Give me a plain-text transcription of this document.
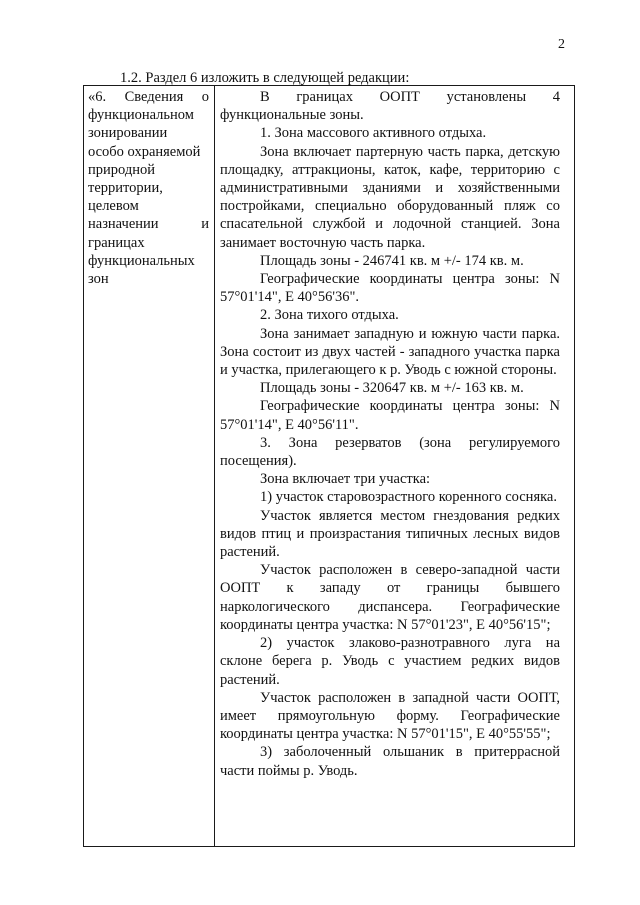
2
1.2. Раздел 6 изложить в следующей редакции:
«6. Сведения о
функциональном
зонировании
особо охраняемой
природной
территории,
целевом
назначении и
границах
функциональных
зон

В границах ООПТ установлены 4 функциональные зоны.

1. Зона массового активного отдыха.

Зона включает партерную часть парка, детскую площадку, аттракционы, каток, кафе, территорию с административными зданиями и хозяйственными постройками, специально оборудованный пляж со спасательной службой и лодочной станцией. Зона занимает восточную часть парка.

Площадь зоны - 246741 кв. м +/- 174 кв. м.

Географические координаты центра зоны: N 57°01'14", E 40°56'36".

2. Зона тихого отдыха.

Зона занимает западную и южную части парка. Зона состоит из двух частей - западного участка парка и участка, прилегающего к р. Уводь с южной стороны.

Площадь зоны - 320647 кв. м +/- 163 кв. м.

Географические координаты центра зоны: N 57°01'14", E 40°56'11".

3. Зона резерватов (зона регулируемого посещения).

Зона включает три участка:

1) участок старовозрастного коренного сосняка.

Участок является местом гнездования редких видов птиц и произрастания типичных лесных видов растений.

Участок расположен в северо-западной части ООПТ к западу от границы бывшего наркологического диспансера. Географические координаты центра участка: N 57°01'23", E 40°56'15";

2) участок злаково-разнотравного луга на склоне берега р. Уводь с участием редких видов растений.

Участок расположен в западной части ООПТ, имеет прямоугольную форму. Географические координаты центра участка: N 57°01'15", E 40°55'55";

3) заболоченный ольшаник в притеррасной части поймы р. Уводь.
